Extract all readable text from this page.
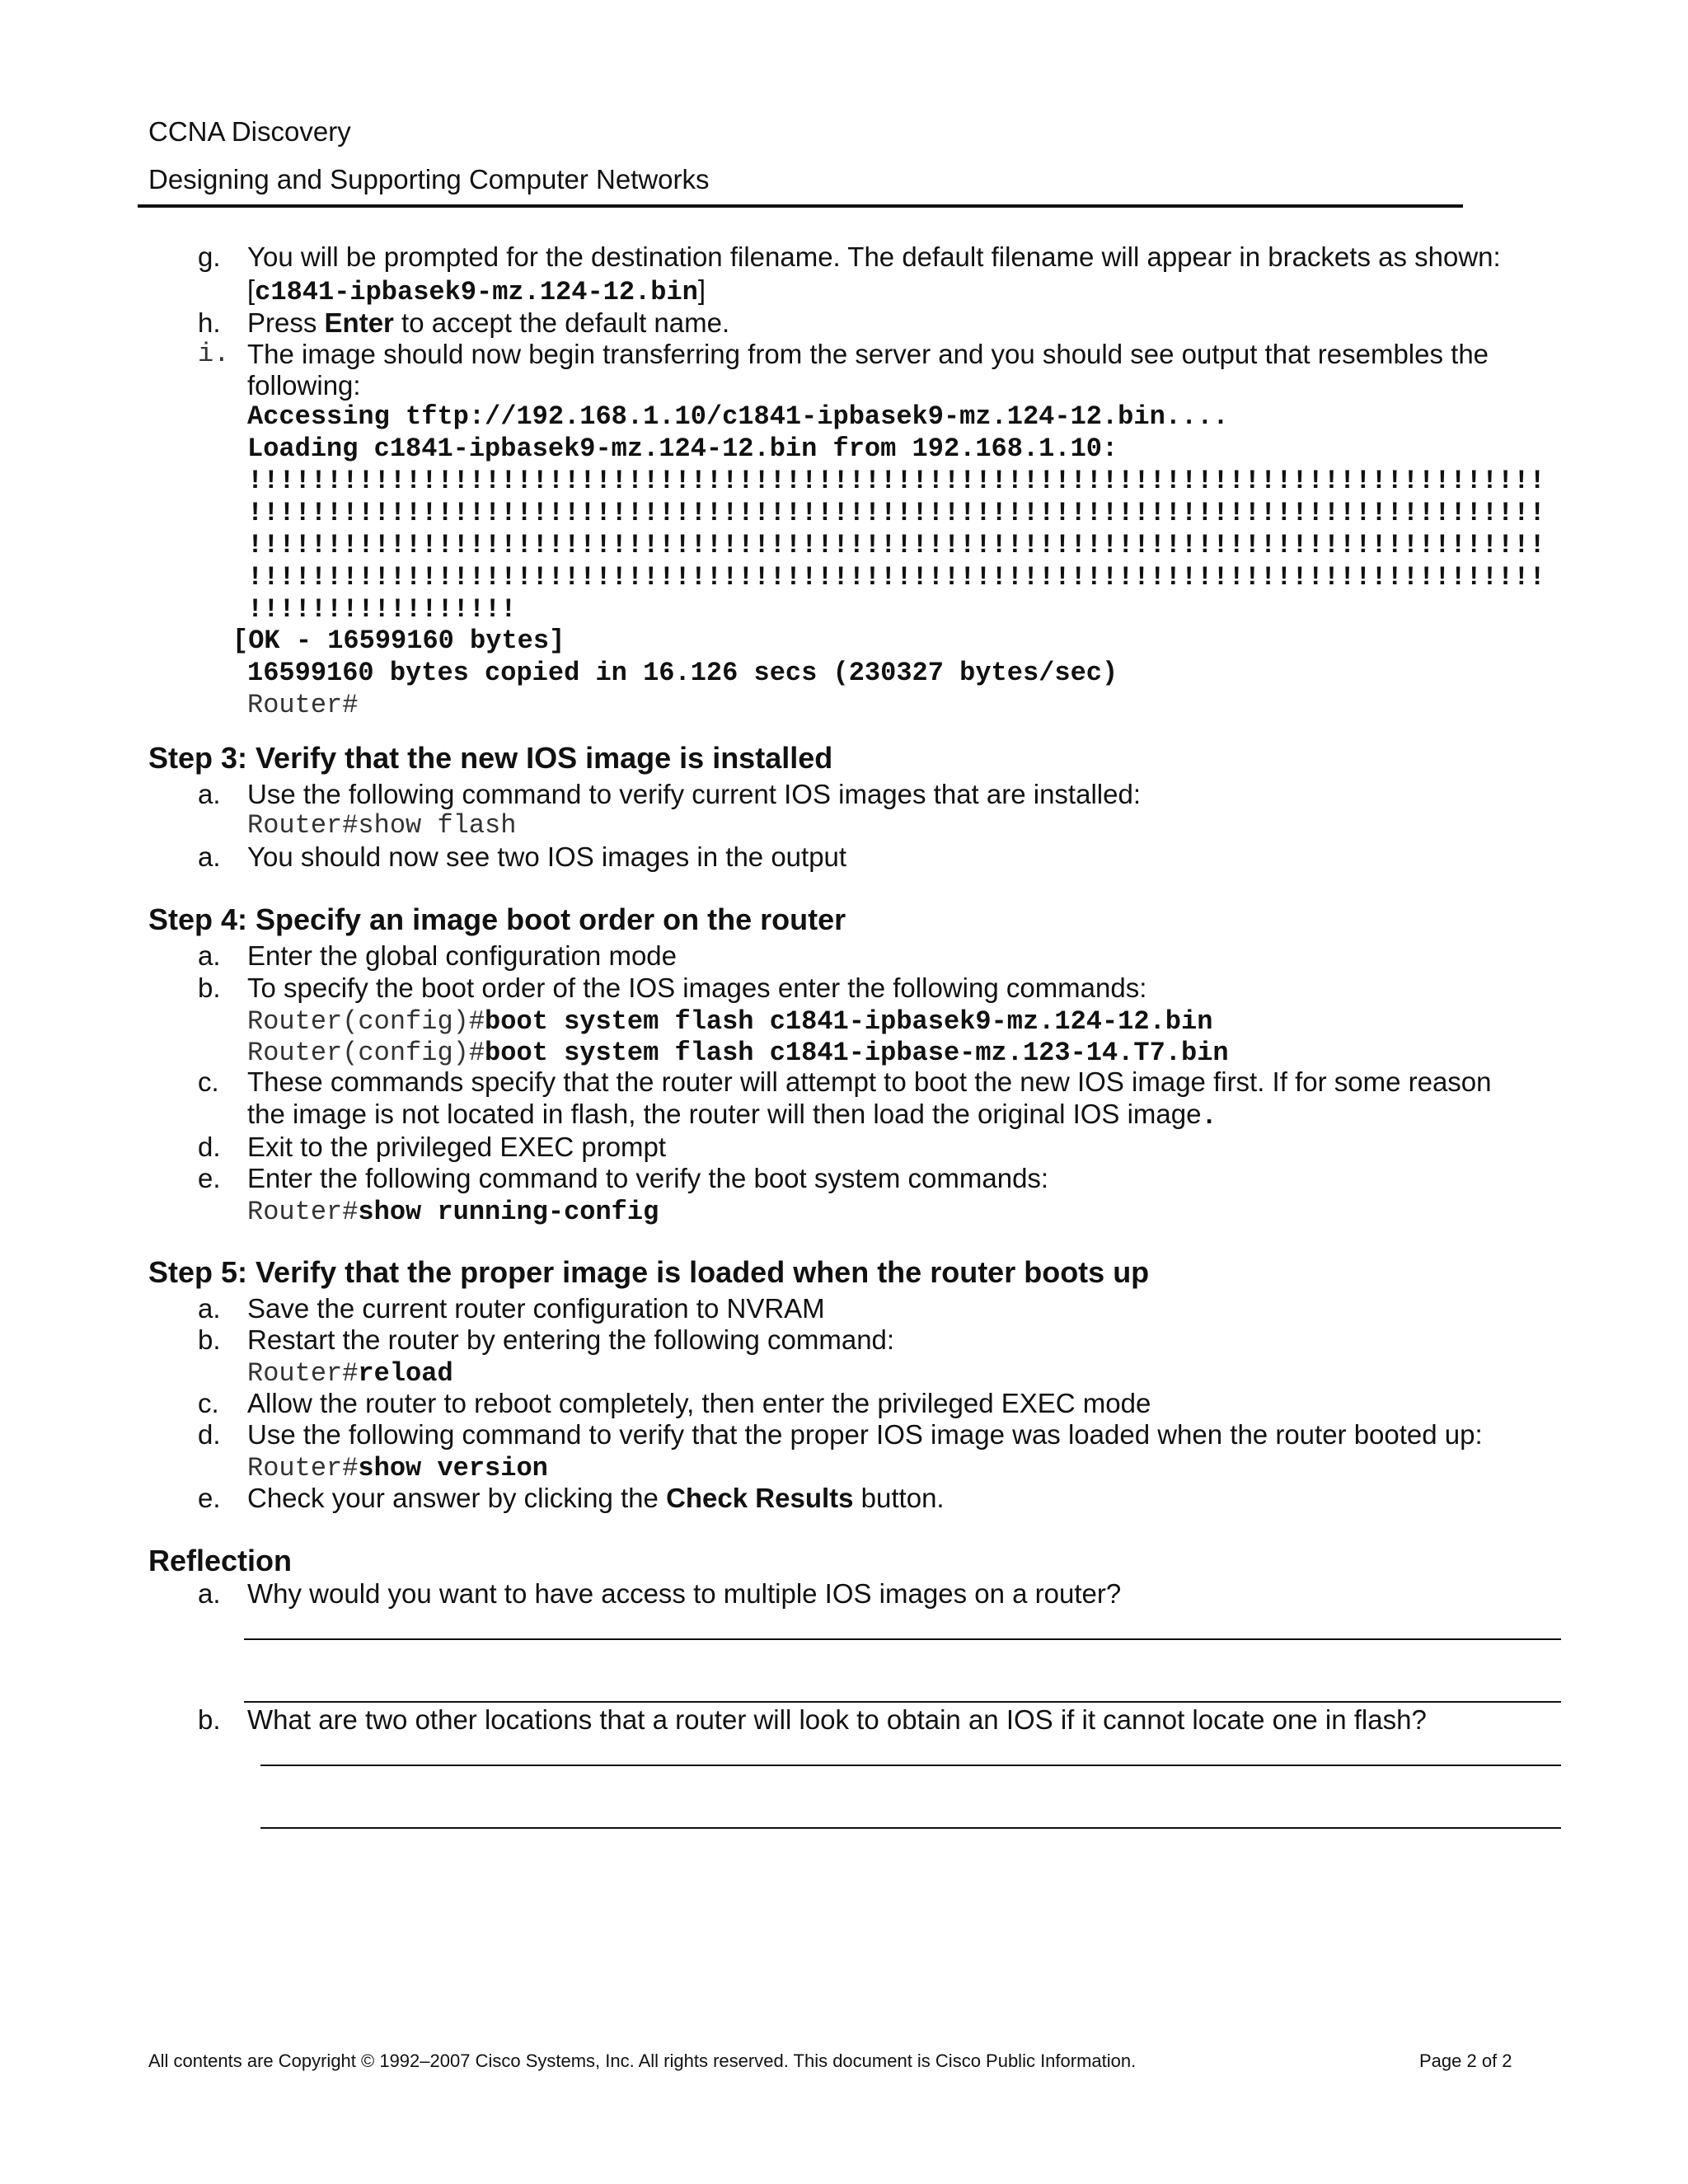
CCNA Discovery
Designing and Supporting Computer Networks
g. You will be prompted for the destination filename. The default filename will appear in brackets as shown:
[c1841-ipbasek9-mz.124-12.bin]
h. Press Enter to accept the default name.
i. The image should now begin transferring from the server and you should see output that resembles the
following:
Accessing tftp://192.168.1.10/c1841-ipbasek9-mz.124-12.bin....
Loading c1841-ipbasek9-mz.124-12.bin from 192.168.1.10:
!!!!!!!!!!!!!!!!!!!!!!!!!!!!!!!!!!!!!!!!!!!!!!!!!!!!!!!!!!!!!!!!!!!!!!!!!!!!!!!!!!
!!!!!!!!!!!!!!!!!!!!!!!!!!!!!!!!!!!!!!!!!!!!!!!!!!!!!!!!!!!!!!!!!!!!!!!!!!!!!!!!!!
!!!!!!!!!!!!!!!!!!!!!!!!!!!!!!!!!!!!!!!!!!!!!!!!!!!!!!!!!!!!!!!!!!!!!!!!!!!!!!!!!!
!!!!!!!!!!!!!!!!!!!!!!!!!!!!!!!!!!!!!!!!!!!!!!!!!!!!!!!!!!!!!!!!!!!!!!!!!!!!!!!!!!
!!!!!!!!!!!!!!!!!
[OK - 16599160 bytes]
16599160 bytes copied in 16.126 secs (230327 bytes/sec)
Router#
Step 3: Verify that the new IOS image is installed
a. Use the following command to verify current IOS images that are installed:
Router#show flash
a. You should now see two IOS images in the output
Step 4: Specify an image boot order on the router
a. Enter the global configuration mode
b. To specify the boot order of the IOS images enter the following commands:
Router(config)#boot system flash c1841-ipbasek9-mz.124-12.bin
Router(config)#boot system flash c1841-ipbase-mz.123-14.T7.bin
c. These commands specify that the router will attempt to boot the new IOS image first. If for some reason
the image is not located in flash, the router will then load the original IOS image.
d. Exit to the privileged EXEC prompt
e. Enter the following command to verify the boot system commands:
Router#show running-config
Step 5: Verify that the proper image is loaded when the router boots up
a. Save the current router configuration to NVRAM
b. Restart the router by entering the following command:
Router#reload
c. Allow the router to reboot completely, then enter the privileged EXEC mode
d. Use the following command to verify that the proper IOS image was loaded when the router booted up:
Router#show version
e. Check your answer by clicking the Check Results button.
Reflection
a. Why would you want to have access to multiple IOS images on a router?
b. What are two other locations that a router will look to obtain an IOS if it cannot locate one in flash?
All contents are Copyright © 1992–2007 Cisco Systems, Inc. All rights reserved. This document is Cisco Public Information.	Page 2 of 2
